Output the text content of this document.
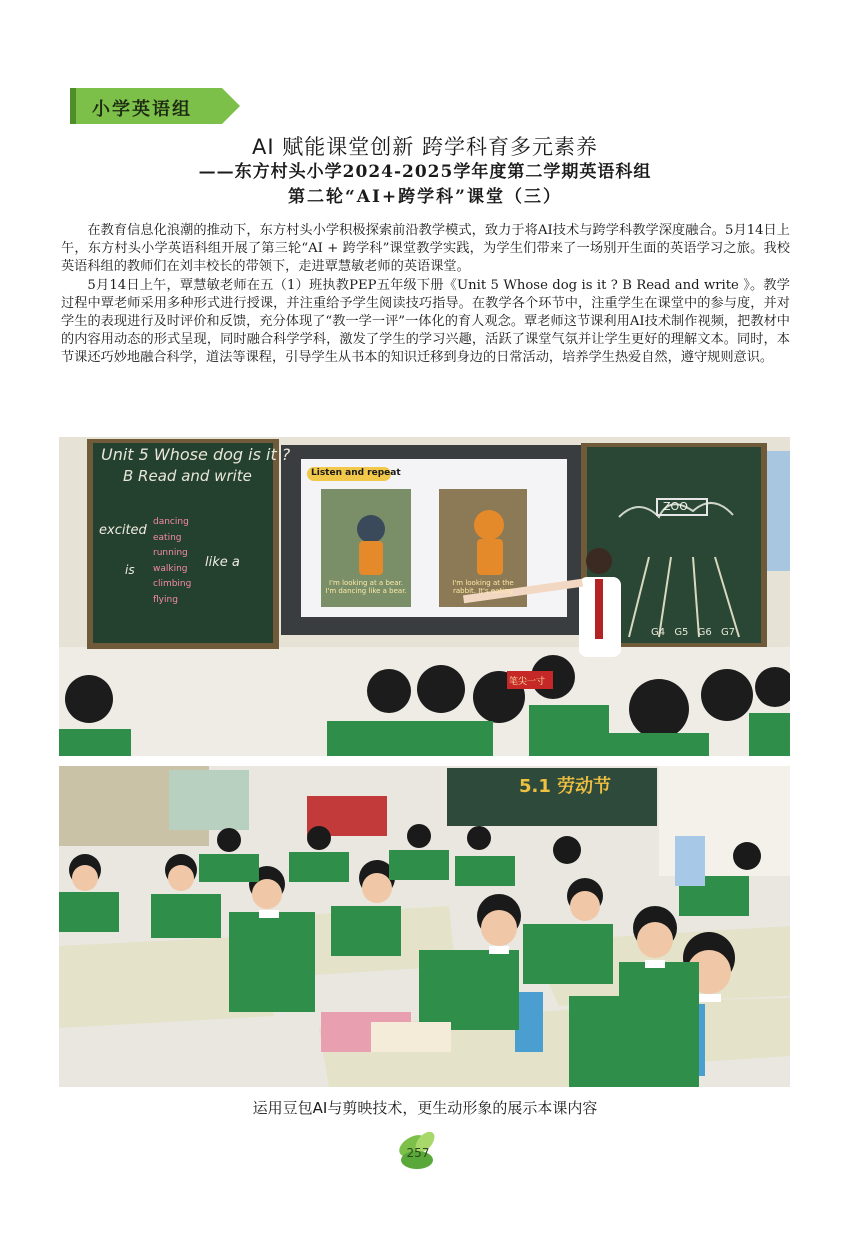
小学英语组
AI 赋能课堂创新 跨学科育多元素养
——东方村头小学2024-2025学年度第二学期英语科组
第二轮“AI+跨学科”课堂（三）

在教育信息化浪潮的推动下，东方村头小学积极探索前沿教学模式，致力于将AI技术与跨学科教学深度融合。5月14日上午，东方村头小学英语科组开展了第三轮“AI + 跨学科”课堂教学实践，为学生们带来了一场别开生面的英语学习之旅。我校英语科组的教师们在刘丰校长的带领下，走进覃慧敏老师的英语课堂。

5月14日上午，覃慧敏老师在五（1）班执教PEP五年级下册《Unit 5 Whose dog is it ? B Read and write 》。教学过程中覃老师采用多种形式进行授课，并注重给予学生阅读技巧指导。在教学各个环节中，注重学生在课堂中的参与度，并对学生的表现进行及时评价和反馈，充分体现了“教一学一评”一体化的育人观念。覃老师这节课利用AI技术制作视频，把教材中的内容用动态的形式呈现，同时融合科学学科，激发了学生的学习兴趣，活跃了课堂气氛并让学生更好的理解文本。同时，本节课还巧妙地融合科学，道法等课程，引导学生从书本的知识迁移到身边的日常活动，培养学生热爱自然，遵守规则意识。

Unit 5 Whose dog is it ?
B Read and write
excited
is	like a
dancing
eating
running
walking
climbing
flying
Listen and repeat
I'm looking at a bear. I'm dancing like a bear.
I'm looking at the rabbit. It's eating
ZOO
G4 G5 G6 G7
笔尖一寸
5.1 劳动节
运用豆包AI与剪映技术，更生动形象的展示本课内容
257
